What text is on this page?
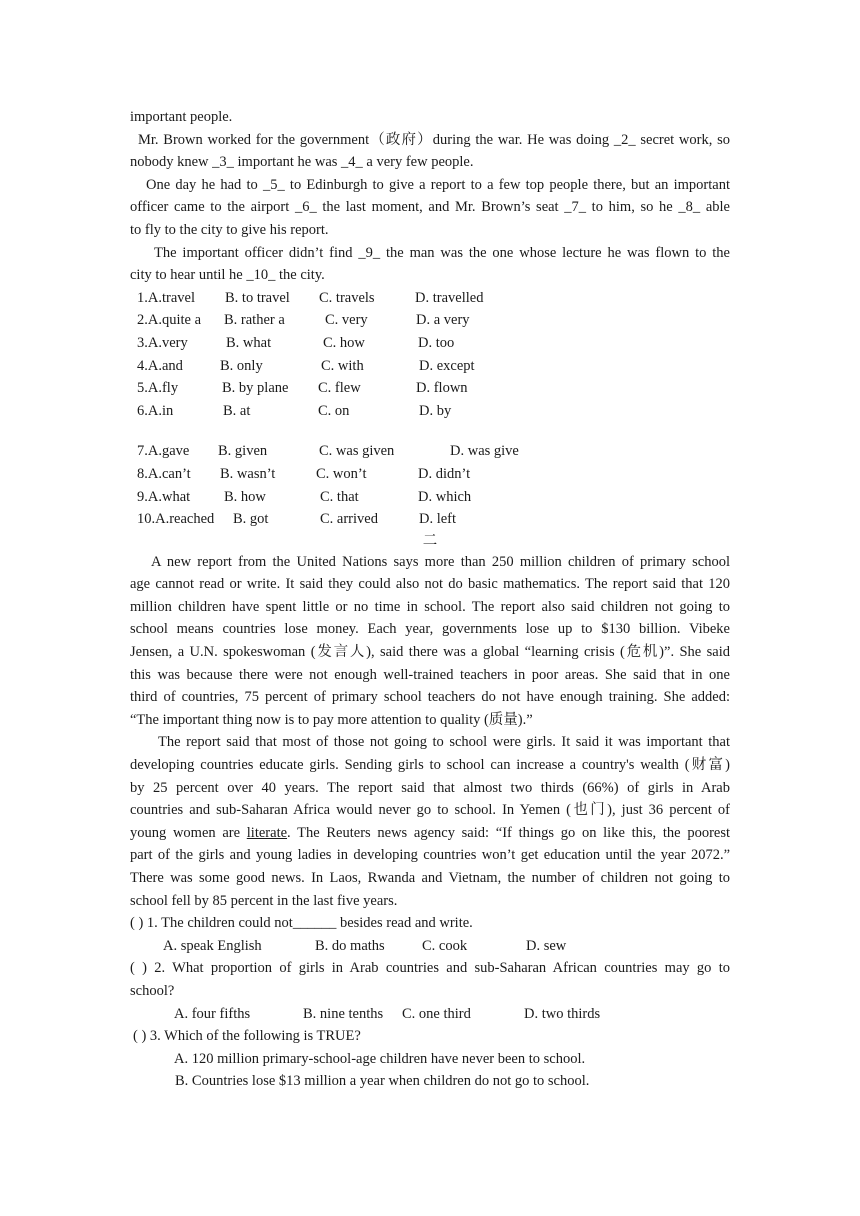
important people.
Mr. Brown worked for the government（政府）during the war. He was doing _2_ secret work, so
nobody knew _3_ important he was _4_ a very few people.
One day he had to _5_ to Edinburgh to give a report to a few top people there, but an important
officer came to the airport _6_ the last moment, and Mr. Brown’s seat _7_ to him, so he _8_ able
to fly to the city to give his report.
The important officer didn’t find _9_ the man was the one whose lecture he was flown to the
city to hear until he _10_ the city.
1.A.travel B. to travel C. travels	D. travelled
2.A.quite a B. rather a	C. very	D. a very
3.A.very	B. what	C. how	D. too
4.A.and	B. only	C. with	D. except
5.A.fly	B. by plane C. flew	D. flown
6.A.in	B. at	C. on	D. by
7.A.gave B. given	C. was given	D. was give
8.A.can’t B. wasn’t	C. won’t	D. didn’t
9.A.what B. how	C. that	D. which
10.A.reached B. got	C. arrived	D. left
二
A new report from the United Nations says more than 250 million children of primary school
age cannot read or write. It said they could also not do basic mathematics. The report said that 120
million children have spent little or no time in school. The report also said children not going to
school means countries lose money. Each year, governments lose up to $130 billion. Vibeke
Jensen, a U.N. spokeswoman (发言人), said there was a global “learning crisis (危机)”. She said
this was because there were not enough well-trained teachers in poor areas. She said that in one
third of countries, 75 percent of primary school teachers do not have enough training. She added:
“The important thing now is to pay more attention to quality (质量).”
The report said that most of those not going to school were girls. It said it was important that
developing countries educate girls. Sending girls to school can increase a country's wealth (财富)
by 25 percent over 40 years. The report said that almost two thirds (66%) of girls in Arab
countries and sub-Saharan Africa would never go to school. In Yemen (也门), just 36 percent of
young women are literate. The Reuters news agency said: “If things go on like this, the poorest
part of the girls and young ladies in developing countries won’t get education until the year 2072.”
There was some good news. In Laos, Rwanda and Vietnam, the number of children not going to
school fell by 85 percent in the last five years.
( ) 1. The children could not______ besides read and write.
A. speak English	B. do maths	C. cook	D. sew
( ) 2. What proportion of girls in Arab countries and sub-Saharan African countries may go to
school?
A. four fifths	B. nine tenths C. one third	D. two thirds
( ) 3. Which of the following is TRUE?
A. 120 million primary-school-age children have never been to school.
B. Countries lose $13 million a year when children do not go to school.
